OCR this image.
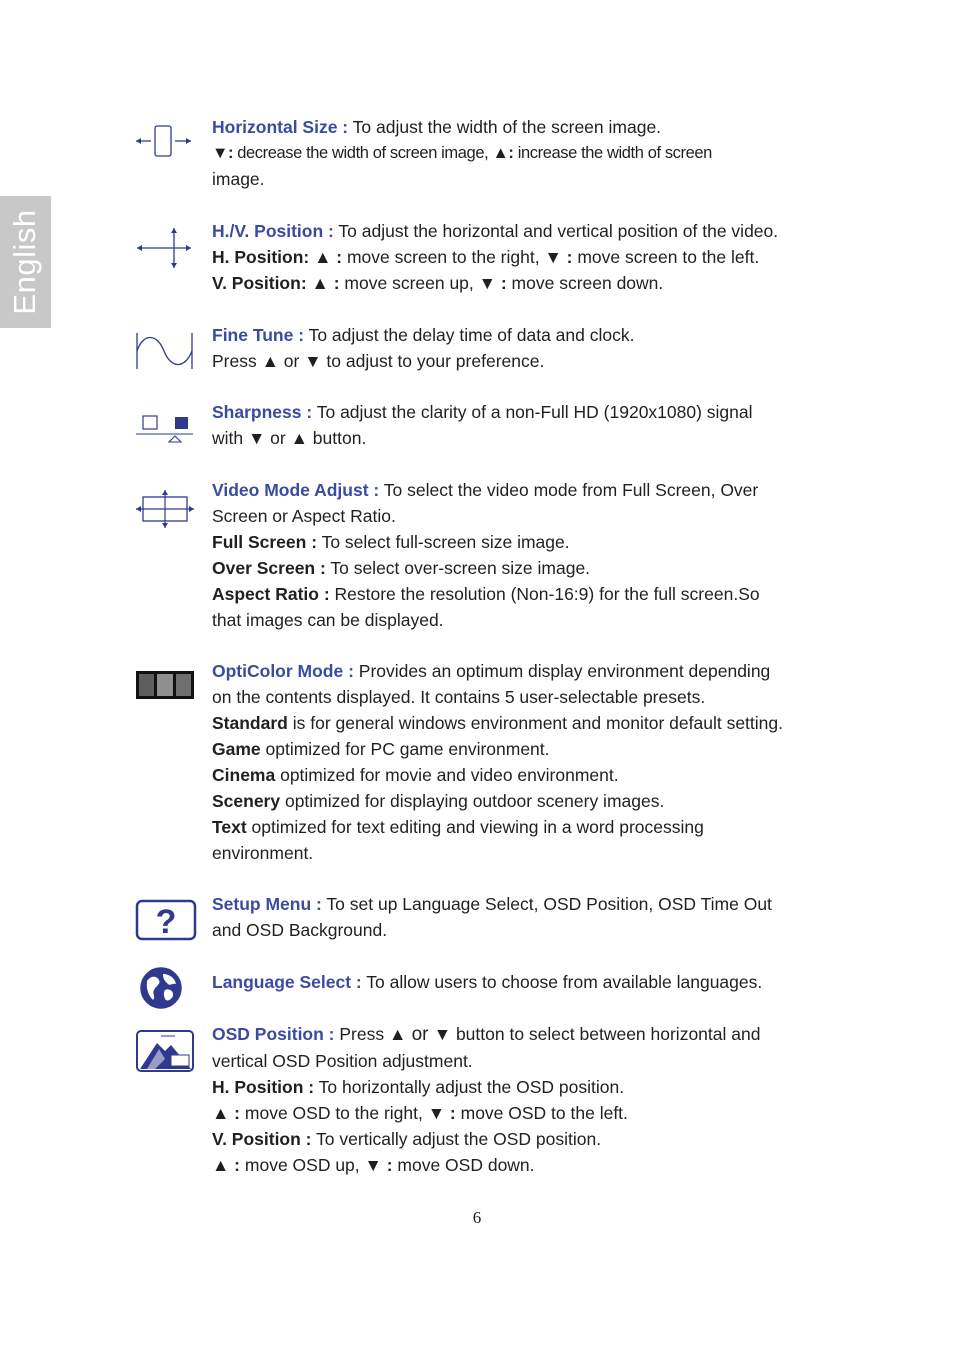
English
Horizontal Size : To adjust the width of the screen image.
▼: decrease the width of screen image, ▲: increase the width of screen
image.
H./V. Position : To adjust the horizontal and vertical position of the video.
H. Position: ▲ : move screen to the right, ▼ : move screen to the left.
V. Position: ▲ : move screen up, ▼ : move screen down.
Fine Tune : To adjust the delay time of data and clock.
Press ▲ or ▼ to adjust to your preference.
Sharpness : To adjust the clarity of a non-Full HD (1920x1080) signal
with ▼ or ▲ button.
Video Mode Adjust : To select the video mode from Full Screen, Over
Screen or Aspect Ratio.
Full Screen : To select full-screen size image.
Over Screen : To select over-screen size image.
Aspect Ratio : Restore the resolution (Non-16:9) for the full screen.So
that images can be displayed.
OptiColor Mode : Provides an optimum display environment depending
on the contents displayed. It contains 5 user-selectable presets.
Standard is for general windows environment and monitor default setting.
Game optimized for PC game environment.
Cinema optimized for movie and video environment.
Scenery optimized for displaying outdoor scenery images.
Text optimized for text editing and viewing in a word processing
environment.
? Setup Menu : To set up Language Select, OSD Position, OSD Time Out
and OSD Background.
Language Select : To allow users to choose from available languages.
OSD Position : Press ▲ or ▼ button to select between horizontal and
vertical OSD Position adjustment.
H. Position : To horizontally adjust the OSD position.
▲ : move OSD to the right, ▼ : move OSD to the left.
V. Position : To vertically adjust the OSD position.
▲ : move OSD up, ▼ : move OSD down.
6
